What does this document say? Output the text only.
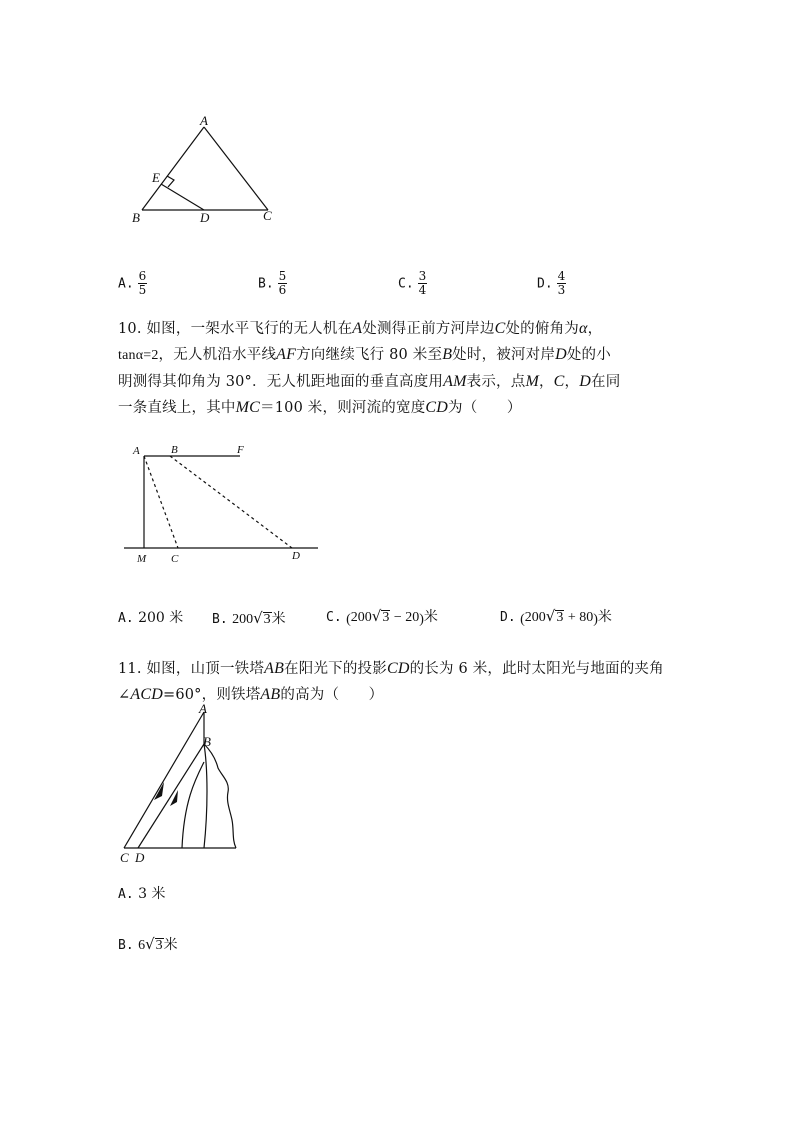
A
E
B	D	C
A. $\frac{6}{5}$	B. $\frac{5}{6}$	C. $\frac{3}{4}$	D. $\frac{4}{3}$
10. 如图，一架水平飞行的无人机在A处测得正前方河岸边C处的俯角为α，
tanα=2，无人机沿水平线AF方向继续飞行 80 米至B处时，被河对岸D处的小
明测得其仰角为 30°．无人机距地面的垂直高度用AM表示，点M，C，D在同
一条直线上，其中MC＝100 米，则河流的宽度CD为（　　）
A	B	F
M C	D
A. 200 米 B. 200√3米	C. (200√3 − 20)米	D. (200√3 + 80)米
11. 如图，山顶一铁塔AB在阳光下的投影CD的长为 6 米，此时太阳光与地面的夹角
∠ACD=60°，则铁塔AB的高为（　　）
A
B
C D
A. 3 米
B. 6√3米
